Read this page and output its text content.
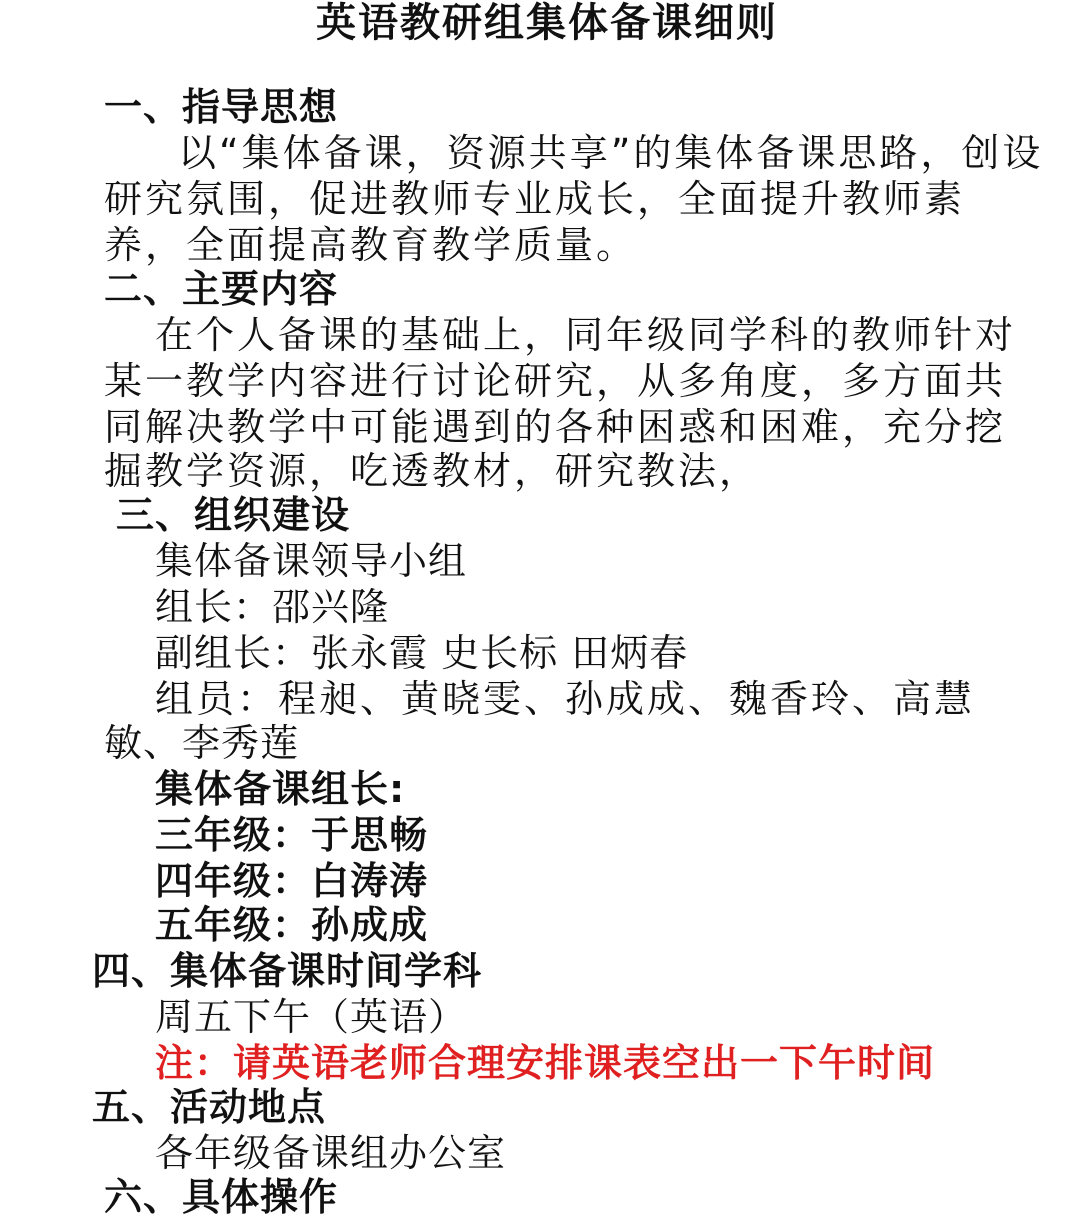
英语教研组集体备课细则
一、指导思想
以“集体备课，资源共享”的集体备课思路，创设
研究氛围，促进教师专业成长，全面提升教师素
养，全面提高教育教学质量。
二、主要内容
在个人备课的基础上，同年级同学科的教师针对
某一教学内容进行讨论研究，从多角度，多方面共
同解决教学中可能遇到的各种困惑和困难，充分挖
掘教学资源，吃透教材，研究教法，
三、组织建设
集体备课领导小组
组长：邵兴隆
副组长：张永霞 史长标 田炳春
组员：程昶、黄晓雯、孙成成、魏香玲、高慧
敏、李秀莲
集体备课组长:
三年级：于思畅
四年级：白涛涛
五年级：孙成成
四、集体备课时间学科
周五下午（英语）
注：请英语老师合理安排课表空出一下午时间
五、活动地点
各年级备课组办公室
六、具体操作
